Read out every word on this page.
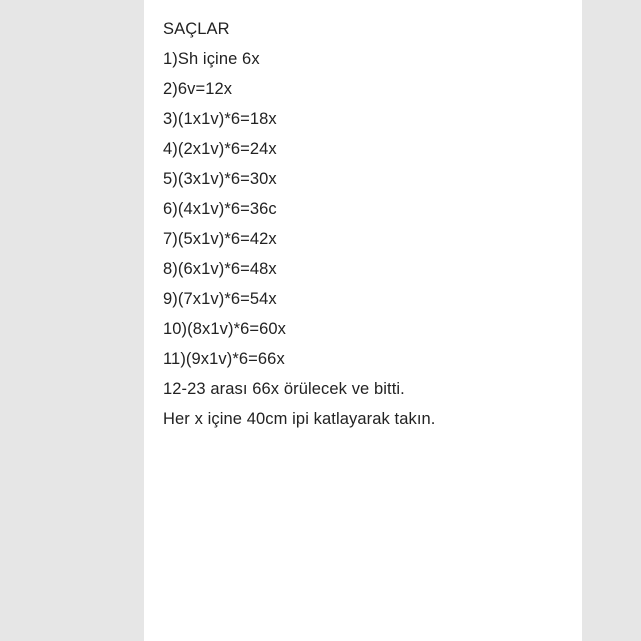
SAÇLAR
1)Sh içine 6x
2)6v=12x
3)(1x1v)*6=18x
4)(2x1v)*6=24x
5)(3x1v)*6=30x
6)(4x1v)*6=36c
7)(5x1v)*6=42x
8)(6x1v)*6=48x
9)(7x1v)*6=54x
10)(8x1v)*6=60x
11)(9x1v)*6=66x
12-23 arası 66x örülecek ve bitti.
Her x içine 40cm ipi katlayarak takın.
